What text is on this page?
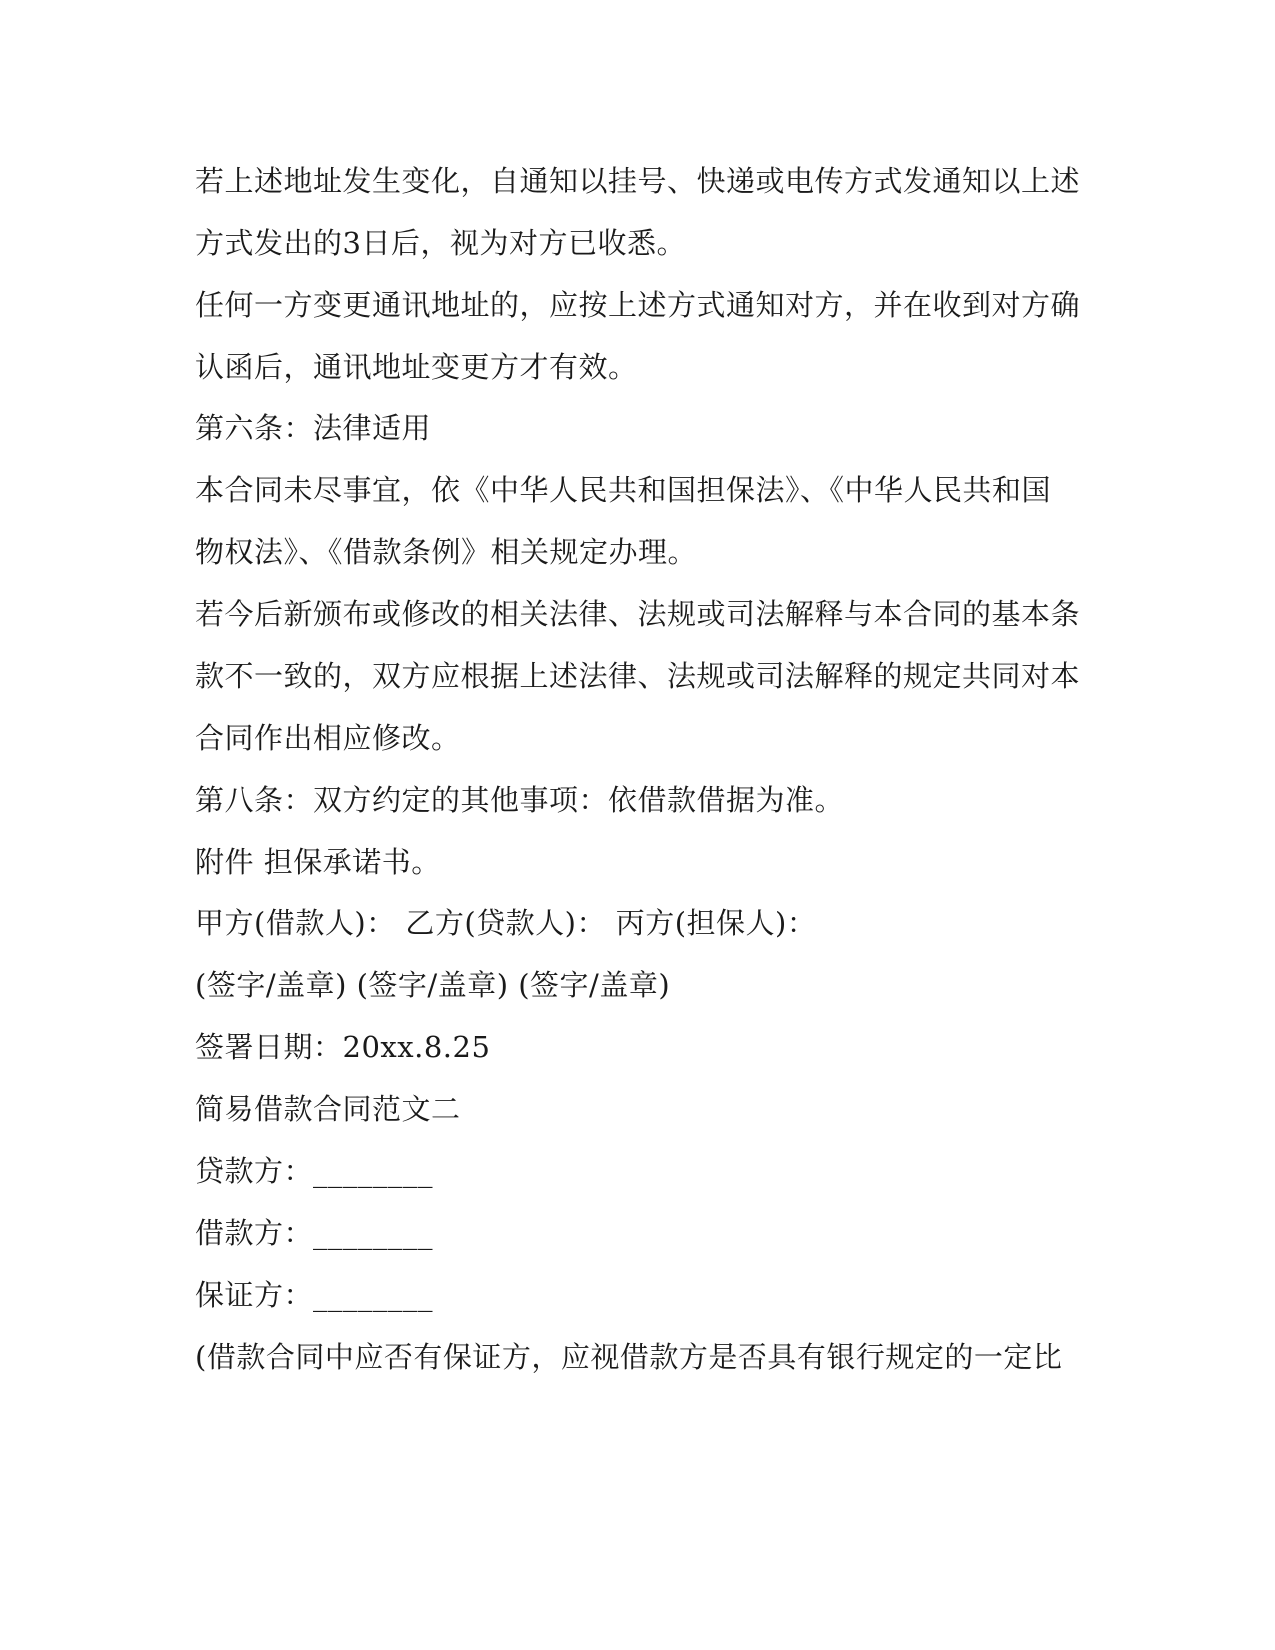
若上述地址发生变化，自通知以挂号、快递或电传方式发通知以上述
方式发出的3日后，视为对方已收悉。
任何一方变更通讯地址的，应按上述方式通知对方，并在收到对方确
认函后，通讯地址变更方才有效。
第六条：法律适用
本合同未尽事宜，依《中华人民共和国担保法》、《中华人民共和国
物权法》、《借款条例》相关规定办理。
若今后新颁布或修改的相关法律、法规或司法解释与本合同的基本条
款不一致的，双方应根据上述法律、法规或司法解释的规定共同对本
合同作出相应修改。
第八条：双方约定的其他事项：依借款借据为准。
附件 担保承诺书。
甲方(借款人)： 乙方(贷款人)： 丙方(担保人)：
(签字/盖章) (签字/盖章) (签字/盖章)
签署日期：20xx.8.25
简易借款合同范文二
贷款方：________
借款方：________
保证方：________
(借款合同中应否有保证方，应视借款方是否具有银行规定的一定比
